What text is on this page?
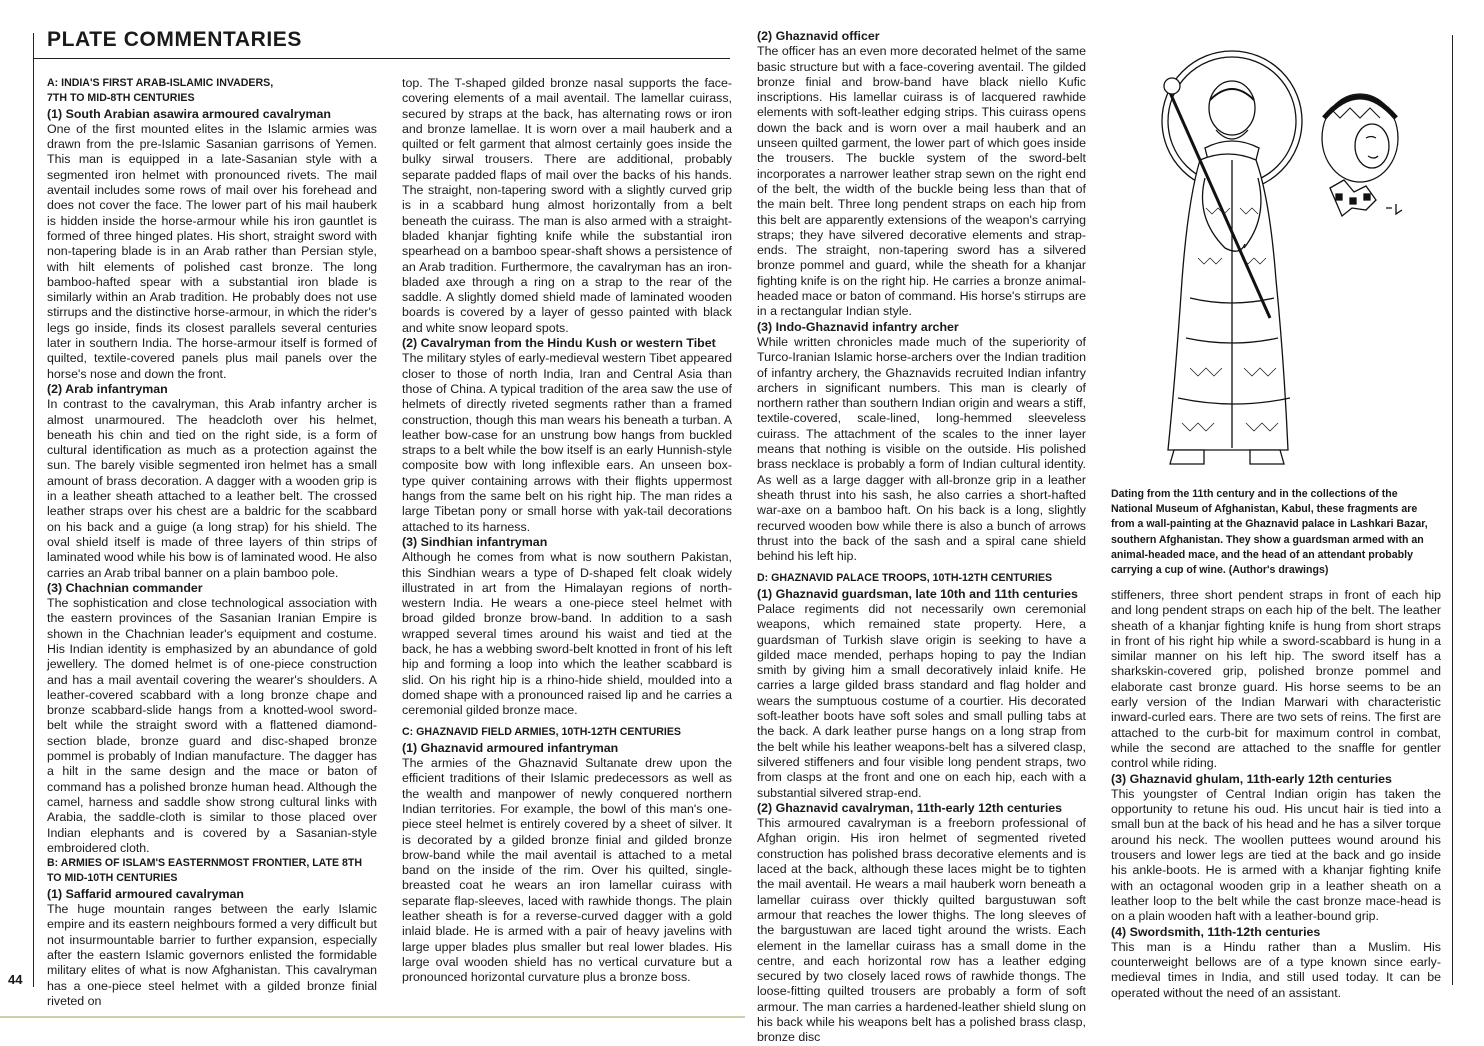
PLATE COMMENTARIES
44

A: INDIA'S FIRST ARAB-ISLAMIC INVADERS,

7TH TO MID-8TH CENTURIES

(1) South Arabian asawira armoured cavalryman

One of the first mounted elites in the Islamic armies was drawn from the pre-Islamic Sasanian garrisons of Yemen. This man is equipped in a late-Sasanian style with a segmented iron helmet with pronounced rivets. The mail aventail includes some rows of mail over his forehead and does not cover the face. The lower part of his mail hauberk is hidden inside the horse-armour while his iron gauntlet is formed of three hinged plates. His short, straight sword with non-tapering blade is in an Arab rather than Persian style, with hilt elements of polished cast bronze. The long bamboo-hafted spear with a substantial iron blade is similarly within an Arab tradition. He probably does not use stirrups and the distinctive horse-armour, in which the rider's legs go inside, finds its closest parallels several centuries later in southern India. The horse-armour itself is formed of quilted, textile-covered panels plus mail panels over the horse's nose and down the front.

(2) Arab infantryman

In contrast to the cavalryman, this Arab infantry archer is almost unarmoured. The headcloth over his helmet, beneath his chin and tied on the right side, is a form of cultural identification as much as a protection against the sun. The barely visible segmented iron helmet has a small amount of brass decoration. A dagger with a wooden grip is in a leather sheath attached to a leather belt. The crossed leather straps over his chest are a baldric for the scabbard on his back and a guige (a long strap) for his shield. The oval shield itself is made of three layers of thin strips of laminated wood while his bow is of laminated wood. He also carries an Arab tribal banner on a plain bamboo pole.

(3) Chachnian commander

The sophistication and close technological association with the eastern provinces of the Sasanian Iranian Empire is shown in the Chachnian leader's equipment and costume. His Indian identity is emphasized by an abundance of gold jewellery. The domed helmet is of one-piece construction and has a mail aventail covering the wearer's shoulders. A leather-covered scabbard with a long bronze chape and bronze scabbard-slide hangs from a knotted-wool sword-belt while the straight sword with a flattened diamond-section blade, bronze guard and disc-shaped bronze pommel is probably of Indian manufacture. The dagger has a hilt in the same design and the mace or baton of command has a polished bronze human head. Although the camel, harness and saddle show strong cultural links with Arabia, the saddle-cloth is similar to those placed over Indian elephants and is covered by a Sasanian-style embroidered cloth.

B: ARMIES OF ISLAM'S EASTERNMOST FRONTIER, LATE 8TH

TO MID-10TH CENTURIES

(1) Saffarid armoured cavalryman

The huge mountain ranges between the early Islamic empire and its eastern neighbours formed a very difficult but not insurmountable barrier to further expansion, especially after the eastern Islamic governors enlisted the formidable military elites of what is now Afghanistan. This cavalryman has a one-piece steel helmet with a gilded bronze finial riveted on

top. The T-shaped gilded bronze nasal supports the face-covering elements of a mail aventail. The lamellar cuirass, secured by straps at the back, has alternating rows or iron and bronze lamellae. It is worn over a mail hauberk and a quilted or felt garment that almost certainly goes inside the bulky sirwal trousers. There are additional, probably separate padded flaps of mail over the backs of his hands. The straight, non-tapering sword with a slightly curved grip is in a scabbard hung almost horizontally from a belt beneath the cuirass. The man is also armed with a straight-bladed khanjar fighting knife while the substantial iron spearhead on a bamboo spear-shaft shows a persistence of an Arab tradition. Furthermore, the cavalryman has an iron-bladed axe through a ring on a strap to the rear of the saddle. A slightly domed shield made of laminated wooden boards is covered by a layer of gesso painted with black and white snow leopard spots.

(2) Cavalryman from the Hindu Kush or western Tibet

The military styles of early-medieval western Tibet appeared closer to those of north India, Iran and Central Asia than those of China. A typical tradition of the area saw the use of helmets of directly riveted segments rather than a framed construction, though this man wears his beneath a turban. A leather bow-case for an unstrung bow hangs from buckled straps to a belt while the bow itself is an early Hunnish-style composite bow with long inflexible ears. An unseen box-type quiver containing arrows with their flights uppermost hangs from the same belt on his right hip. The man rides a large Tibetan pony or small horse with yak-tail decorations attached to its harness.

(3) Sindhian infantryman

Although he comes from what is now southern Pakistan, this Sindhian wears a type of D-shaped felt cloak widely illustrated in art from the Himalayan regions of north-western India. He wears a one-piece steel helmet with broad gilded bronze brow-band. In addition to a sash wrapped several times around his waist and tied at the back, he has a webbing sword-belt knotted in front of his left hip and forming a loop into which the leather scabbard is slid. On his right hip is a rhino-hide shield, moulded into a domed shape with a pronounced raised lip and he carries a ceremonial gilded bronze mace.

C: GHAZNAVID FIELD ARMIES, 10TH-12TH CENTURIES

(1) Ghaznavid armoured infantryman

The armies of the Ghaznavid Sultanate drew upon the efficient traditions of their Islamic predecessors as well as the wealth and manpower of newly conquered northern Indian territories. For example, the bowl of this man's one-piece steel helmet is entirely covered by a sheet of silver. It is decorated by a gilded bronze finial and gilded bronze brow-band while the mail aventail is attached to a metal band on the inside of the rim. Over his quilted, single-breasted coat he wears an iron lamellar cuirass with separate flap-sleeves, laced with rawhide thongs. The plain leather sheath is for a reverse-curved dagger with a gold inlaid blade. He is armed with a pair of heavy javelins with large upper blades plus smaller but real lower blades. His large oval wooden shield has no vertical curvature but a pronounced horizontal curvature plus a bronze boss.

(2) Ghaznavid officer

The officer has an even more decorated helmet of the same basic structure but with a face-covering aventail. The gilded bronze finial and brow-band have black niello Kufic inscriptions. His lamellar cuirass is of lacquered rawhide elements with soft-leather edging strips. This cuirass opens down the back and is worn over a mail hauberk and an unseen quilted garment, the lower part of which goes inside the trousers. The buckle system of the sword-belt incorporates a narrower leather strap sewn on the right end of the belt, the width of the buckle being less than that of the main belt. Three long pendent straps on each hip from this belt are apparently extensions of the weapon's carrying straps; they have silvered decorative elements and strap-ends. The straight, non-tapering sword has a silvered bronze pommel and guard, while the sheath for a khanjar fighting knife is on the right hip. He carries a bronze animal-headed mace or baton of command. His horse's stirrups are in a rectangular Indian style.

(3) Indo-Ghaznavid infantry archer

While written chronicles made much of the superiority of Turco-Iranian Islamic horse-archers over the Indian tradition of infantry archery, the Ghaznavids recruited Indian infantry archers in significant numbers. This man is clearly of northern rather than southern Indian origin and wears a stiff, textile-covered, scale-lined, long-hemmed sleeveless cuirass. The attachment of the scales to the inner layer means that nothing is visible on the outside. His polished brass necklace is probably a form of Indian cultural identity. As well as a large dagger with all-bronze grip in a leather sheath thrust into his sash, he also carries a short-hafted war-axe on a bamboo haft. On his back is a long, slightly recurved wooden bow while there is also a bunch of arrows thrust into the back of the sash and a spiral cane shield behind his left hip.

D: GHAZNAVID PALACE TROOPS, 10TH-12TH CENTURIES

(1) Ghaznavid guardsman, late 10th and 11th centuries

Palace regiments did not necessarily own ceremonial weapons, which remained state property. Here, a guardsman of Turkish slave origin is seeking to have a gilded mace mended, perhaps hoping to pay the Indian smith by giving him a small decoratively inlaid knife. He carries a large gilded brass standard and flag holder and wears the sumptuous costume of a courtier. His decorated soft-leather boots have soft soles and small pulling tabs at the back. A dark leather purse hangs on a long strap from the belt while his leather weapons-belt has a silvered clasp, silvered stiffeners and four visible long pendent straps, two from clasps at the front and one on each hip, each with a substantial silvered strap-end.

(2) Ghaznavid cavalryman, 11th-early 12th centuries

This armoured cavalryman is a freeborn professional of Afghan origin. His iron helmet of segmented riveted construction has polished brass decorative elements and is laced at the back, although these laces might be to tighten the mail aventail. He wears a mail hauberk worn beneath a lamellar cuirass over thickly quilted bargustuwan soft armour that reaches the lower thighs. The long sleeves of the bargustuwan are laced tight around the wrists. Each element in the lamellar cuirass has a small dome in the centre, and each horizontal row has a leather edging secured by two closely laced rows of rawhide thongs. The loose-fitting quilted trousers are probably a form of soft armour. The man carries a hardened-leather shield slung on his back while his weapons belt has a polished brass clasp, bronze disc

Dating from the 11th century and in the collections of the National Museum of Afghanistan, Kabul, these fragments are from a wall-painting at the Ghaznavid palace in Lashkari Bazar, southern Afghanistan. They show a guardsman armed with an animal-headed mace, and the head of an attendant probably carrying a cup of wine. (Author's drawings)

stiffeners, three short pendent straps in front of each hip and long pendent straps on each hip of the belt. The leather sheath of a khanjar fighting knife is hung from short straps in front of his right hip while a sword-scabbard is hung in a similar manner on his left hip. The sword itself has a sharkskin-covered grip, polished bronze pommel and elaborate cast bronze guard. His horse seems to be an early version of the Indian Marwari with characteristic inward-curled ears. There are two sets of reins. The first are attached to the curb-bit for maximum control in combat, while the second are attached to the snaffle for gentler control while riding.

(3) Ghaznavid ghulam, 11th-early 12th centuries

This youngster of Central Indian origin has taken the opportunity to retune his oud. His uncut hair is tied into a small bun at the back of his head and he has a silver torque around his neck. The woollen puttees wound around his trousers and lower legs are tied at the back and go inside his ankle-boots. He is armed with a khanjar fighting knife with an octagonal wooden grip in a leather sheath on a leather loop to the belt while the cast bronze mace-head is on a plain wooden haft with a leather-bound grip.

(4) Swordsmith, 11th-12th centuries

This man is a Hindu rather than a Muslim. His counterweight bellows are of a type known since early-medieval times in India, and still used today. It can be operated without the need of an assistant.
